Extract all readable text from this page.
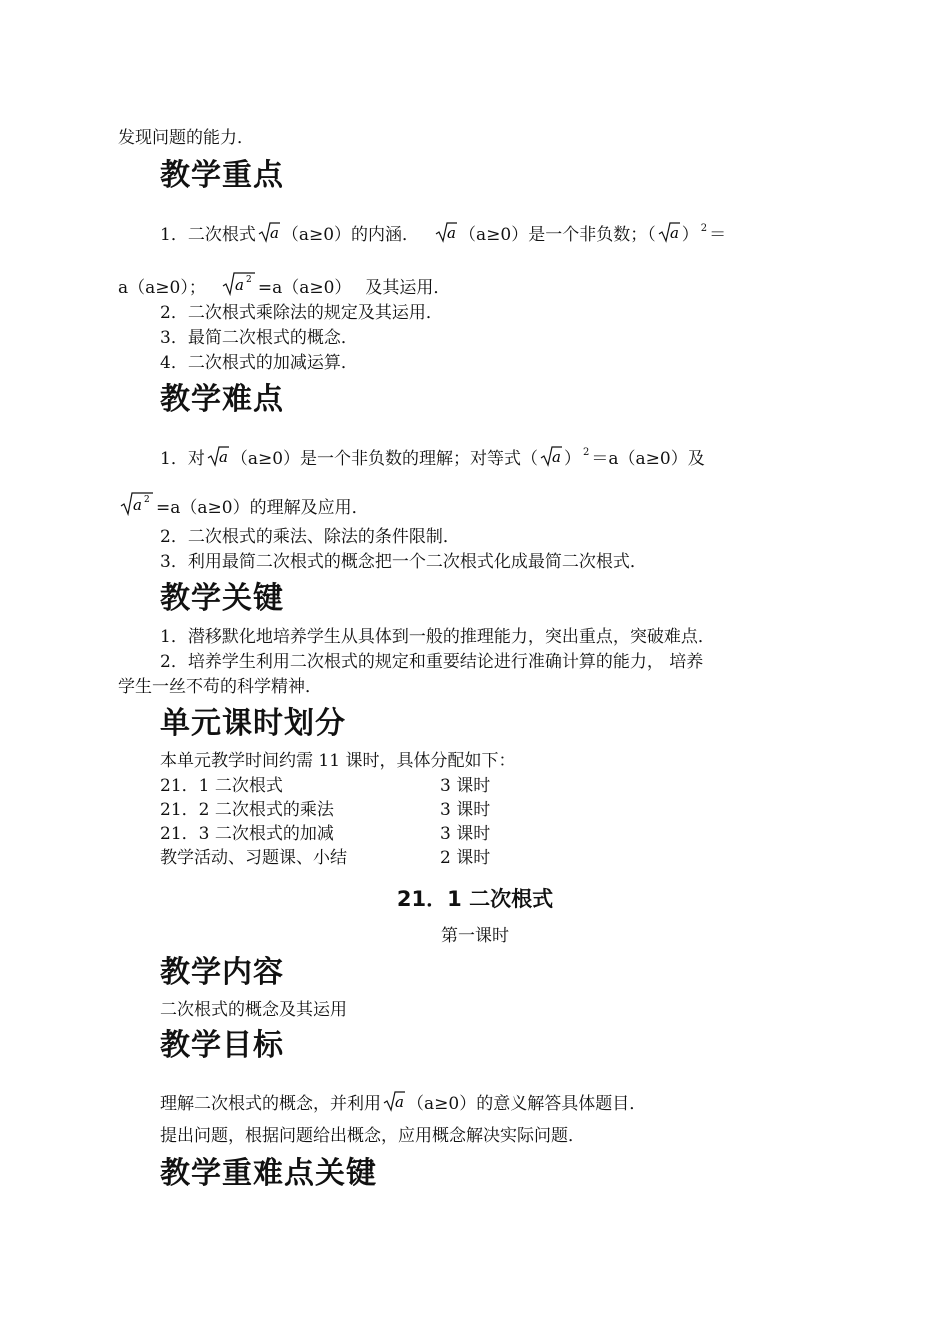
发现问题的能力．
教学重点
1．二次根式 a （a≥0）的内涵． a （a≥0）是一个非负数；（ a ） $^2$ ＝
a（a≥0）； a 2 =a（a≥0） 及其运用．
2．二次根式乘除法的规定及其运用．
3．最简二次根式的概念．
4．二次根式的加减运算．
教学难点
1．对 a （a≥0）是一个非负数的理解；对等式（ a ） $^2$ ＝a（a≥0）及
a 2 =a（a≥0）的理解及应用．
2．二次根式的乘法、除法的条件限制．
3．利用最简二次根式的概念把一个二次根式化成最简二次根式．
教学关键
1．潜移默化地培养学生从具体到一般的推理能力，突出重点，突破难点．
2．培养学生利用二次根式的规定和重要结论进行准确计算的能力， 培养
学生一丝不苟的科学精神．
单元课时划分
本单元教学时间约需 11 课时，具体分配如下：
21．1 二次根式	3 课时
21．2 二次根式的乘法	3 课时
21．3 二次根式的加减	3 课时
教学活动、习题课、小结	2 课时
21．1 二次根式
第一课时
教学内容
二次根式的概念及其运用
教学目标
理解二次根式的概念，并利用 a （a≥0）的意义解答具体题目．
提出问题，根据问题给出概念，应用概念解决实际问题．
教学重难点关键
